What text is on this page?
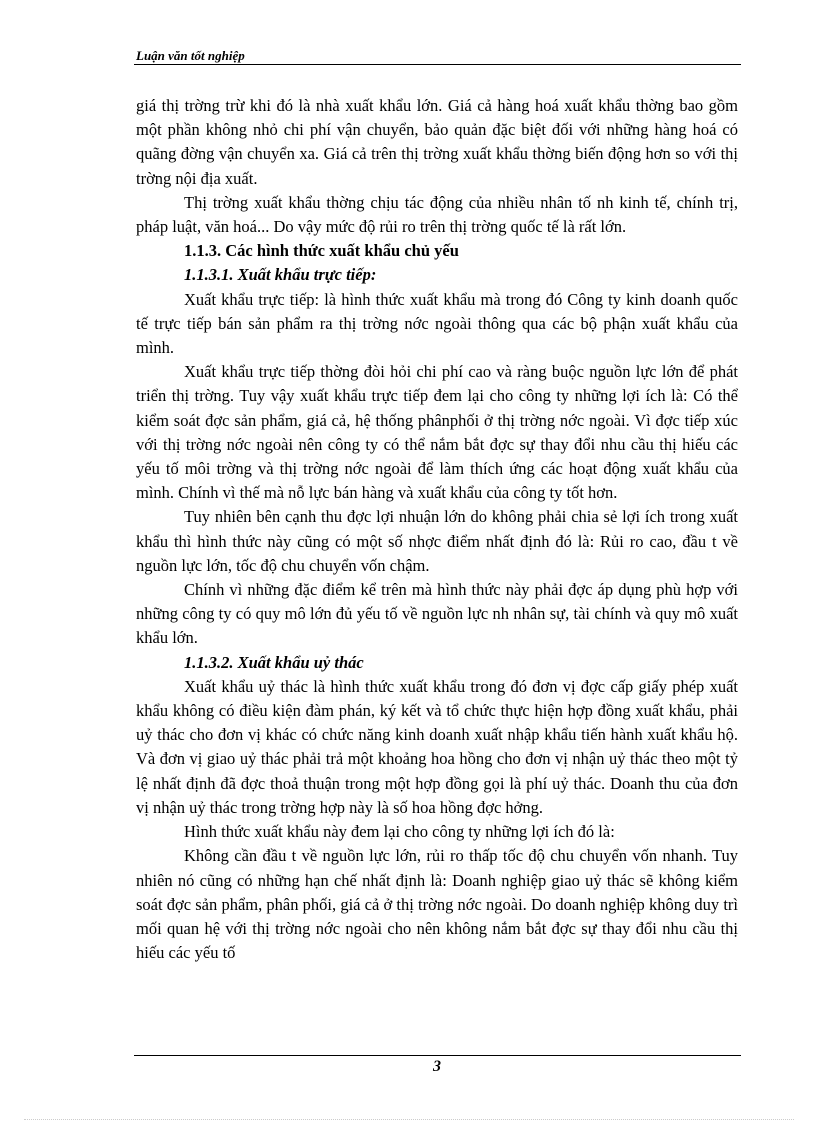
Luận văn tốt nghiệp

giá thị trờng trừ khi đó là nhà xuất khẩu lớn. Giá cả hàng hoá xuất khẩu thờng bao gồm một phần không nhỏ chi phí vận chuyển, bảo quản đặc biệt đối với những hàng hoá có quãng đờng vận chuyển xa. Giá cả trên thị trờng xuất khẩu thờng biến động hơn so với thị trờng nội địa xuất.

Thị trờng xuất khẩu thờng chịu tác động của nhiều nhân tố nh kinh tế, chính trị, pháp luật, văn hoá... Do vậy mức độ rủi ro trên thị trờng quốc tế là rất lớn.

1.1.3. Các hình thức xuất khẩu chủ yếu
1.1.3.1. Xuất khẩu trực tiếp:

Xuất khẩu trực tiếp: là hình thức xuất khẩu mà trong đó Công ty kinh doanh quốc tế trực tiếp bán sản phẩm ra thị trờng nớc ngoài thông qua các bộ phận xuất khẩu của mình.

Xuất khẩu trực tiếp thờng đòi hỏi chi phí cao và ràng buộc nguồn lực lớn để phát triển thị trờng. Tuy vậy xuất khẩu trực tiếp đem lại cho công ty những lợi ích là: Có thể kiểm soát đợc sản phẩm, giá cả, hệ thống phânphối ở thị trờng nớc ngoài. Vì đợc tiếp xúc với thị trờng nớc ngoài nên công ty có thể nắm bắt đợc sự thay đổi nhu cầu thị hiếu các yếu tố môi trờng và thị trờng nớc ngoài để làm thích ứng các hoạt động xuất khẩu của mình. Chính vì thế mà nỗ lực bán hàng và xuất khẩu của công ty tốt hơn.

Tuy nhiên bên cạnh thu đợc lợi nhuận lớn do không phải chia sẻ lợi ích trong xuất khẩu thì hình thức này cũng có một số nhợc điểm nhất định đó là: Rủi ro cao, đầu t về nguồn lực lớn, tốc độ chu chuyển vốn chậm.

Chính vì những đặc điểm kể trên mà hình thức này phải đợc áp dụng phù hợp với những công ty có quy mô lớn đủ yếu tố về nguồn lực nh nhân sự, tài chính và quy mô xuất khẩu lớn.

1.1.3.2. Xuất khẩu uỷ thác

Xuất khẩu uỷ thác là hình thức xuất khẩu trong đó đơn vị đợc cấp giấy phép xuất khẩu không có điều kiện đàm phán, ký kết và tổ chức thực hiện hợp đồng xuất khẩu, phải uỷ thác cho đơn vị khác có chức năng kinh doanh xuất nhập khẩu tiến hành xuất khẩu hộ. Và đơn vị giao uỷ thác phải trả một khoảng hoa hồng cho đơn vị nhận uỷ thác theo một tỷ lệ nhất định đã đợc thoả thuận trong một hợp đồng gọi là phí uỷ thác. Doanh thu của đơn vị nhận uỷ thác trong trờng hợp này là số hoa hồng đợc hởng.

Hình thức xuất khẩu này đem lại cho công ty những lợi ích đó là:

Không cần đầu t về nguồn lực lớn, rủi ro thấp tốc độ chu chuyển vốn nhanh. Tuy nhiên nó cũng có những hạn chế nhất định là: Doanh nghiệp giao uỷ thác sẽ không kiểm soát đợc sản phẩm, phân phối, giá cả ở thị trờng nớc ngoài. Do doanh nghiệp không duy trì mối quan hệ với thị trờng nớc ngoài cho nên không nắm bắt đợc sự thay đổi nhu cầu thị hiếu các yếu tố

3
